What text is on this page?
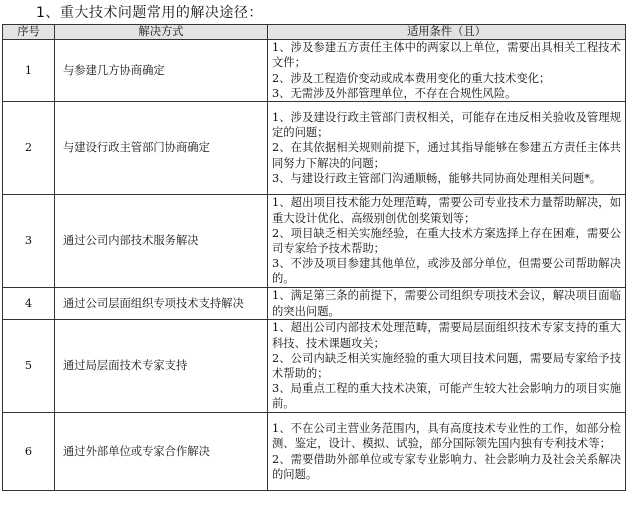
1、重大技术问题常用的解决途径：
序号	解决方式	适用条件（且）
1	与参建几方协商确定	1、涉及参建五方责任主体中的两家以上单位，需要出具相关工程技术文件；
2、涉及工程造价变动或成本费用变化的重大技术变化；
3、无需涉及外部管理单位，不存在合规性风险。

2	与建设行政主管部门协商确定	1、涉及建设行政主管部门责权相关，可能存在违反相关验收及管理规定的问题；
2、在其依据相关规则前提下，通过其指导能够在参建五方责任主体共同努力下解决的问题；
3、与建设行政主管部门沟通顺畅，能够共同协商处理相关问题*。

3	通过公司内部技术服务解决	1、超出项目技术能力处理范畴，需要公司专业技术力量帮助解决，如重大设计优化、高级别创优创奖策划等；
2、项目缺乏相关实施经验，在重大技术方案选择上存在困难，需要公司专家给予技术帮助；
3、不涉及项目参建其他单位，或涉及部分单位，但需要公司帮助解决的。

4	通过公司层面组织专项技术支持解决	1、满足第三条的前提下，需要公司组织专项技术会议，解决项目面临的突出问题。

5	通过局层面技术专家支持	1、超出公司内部技术处理范畴，需要局层面组织技术专家支持的重大科技、技术课题攻关；
2、公司内缺乏相关实施经验的重大项目技术问题，需要局专家给予技术帮助的；
3、局重点工程的重大技术决策，可能产生较大社会影响力的项目实施前。

6	通过外部单位或专家合作解决	1、不在公司主营业务范围内，具有高度技术专业性的工作，如部分检测、鉴定，设计、模拟、试验，部分国际领先国内独有专利技术等；
2、需要借助外部单位或专家专业影响力、社会影响力及社会关系解决的问题。
